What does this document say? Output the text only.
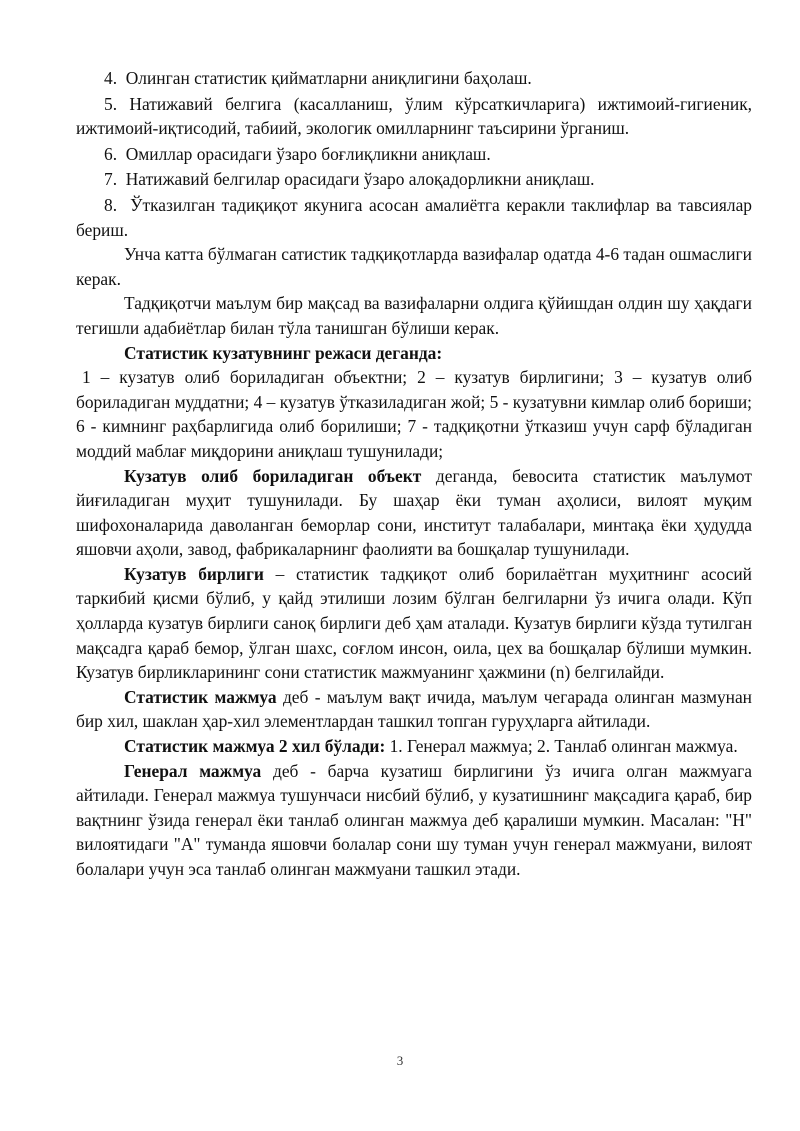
4.  Олинган статистик қийматларни аниқлигини баҳолаш.

5. Натижавий белгига (касалланиш, ўлим кўрсаткичларига) ижтимоий-гигиеник, ижтимоий-иқтисодий, табиий, экологик омилларнинг таъсирини ўрганиш.

6.  Омиллар орасидаги ўзаро боғлиқликни аниқлаш.

7.  Натижавий белгилар орасидаги ўзаро алоқадорликни аниқлаш.

8.  Ўтказилган тадиқиқот якунига асосан амалиётга керакли таклифлар ва тавсиялар бериш.

Унча катта бўлмаган сатистик тадқиқотларда вазифалар одатда 4-6 тадан ошмаслиги керак.

Тадқиқотчи маълум бир мақсад ва вазифаларни олдига қўйишдан олдин шу ҳақдаги тегишли адабиётлар билан тўла танишган бўлиши керак.

Статистик кузатувнинг режаси деганда:

1 – кузатув олиб бориладиган объектни; 2 – кузатув бирлигини; 3 – кузатув олиб бориладиган муддатни; 4 – кузатув ўтказиладиган жой; 5 - кузатувни кимлар олиб бориши; 6 - кимнинг раҳбарлигида олиб борилиши; 7 - тадқиқотни ўтказиш учун сарф бўладиган моддий маблағ миқдорини аниқлаш тушунилади;

Кузатув олиб бориладиган объект деганда, бевосита статистик маълумот йиғиладиган муҳит тушунилади. Бу шаҳар ёки туман аҳолиси, вилоят муқим шифохоналарида даволанган беморлар сони, институт талабалари, минтақа ёки ҳудудда яшовчи аҳоли, завод, фабрикаларнинг фаолияти ва бошқалар тушунилади.

Кузатув бирлиги – статистик тадқиқот олиб борилаётган муҳитнинг асосий таркибий қисми бўлиб, у қайд этилиши лозим бўлган белгиларни ўз ичига олади. Кўп ҳолларда кузатув бирлиги саноқ бирлиги деб ҳам аталади. Кузатув бирлиги кўзда тутилган мақсадга қараб бемор, ўлган шахс, соғлом инсон, оила, цех ва бошқалар бўлиши мумкин. Кузатув бирликларининг сони статистик мажмуанинг ҳажмини (n) белгилайди.

Статистик мажмуа деб - маълум вақт ичида, маълум чегарада олинган мазмунан бир хил, шаклан ҳар-хил элементлардан ташкил топган гуруҳларга айтилади.

Статистик мажмуа 2 хил бўлади: 1. Генерал мажмуа; 2. Танлаб олинган мажмуа.

Генерал мажмуа деб - барча кузатиш бирлигини ўз ичига олган мажмуага айтилади. Генерал мажмуа тушунчаси нисбий бўлиб, у кузатишнинг мақсадига қараб, бир вақтнинг ўзида генерал ёки танлаб олинган мажмуа деб қаралиши мумкин. Масалан: "Н" вилоятидаги "А" туманда яшовчи болалар сони шу туман учун генерал мажмуани, вилоят болалари учун эса танлаб олинган мажмуани ташкил этади.

3
